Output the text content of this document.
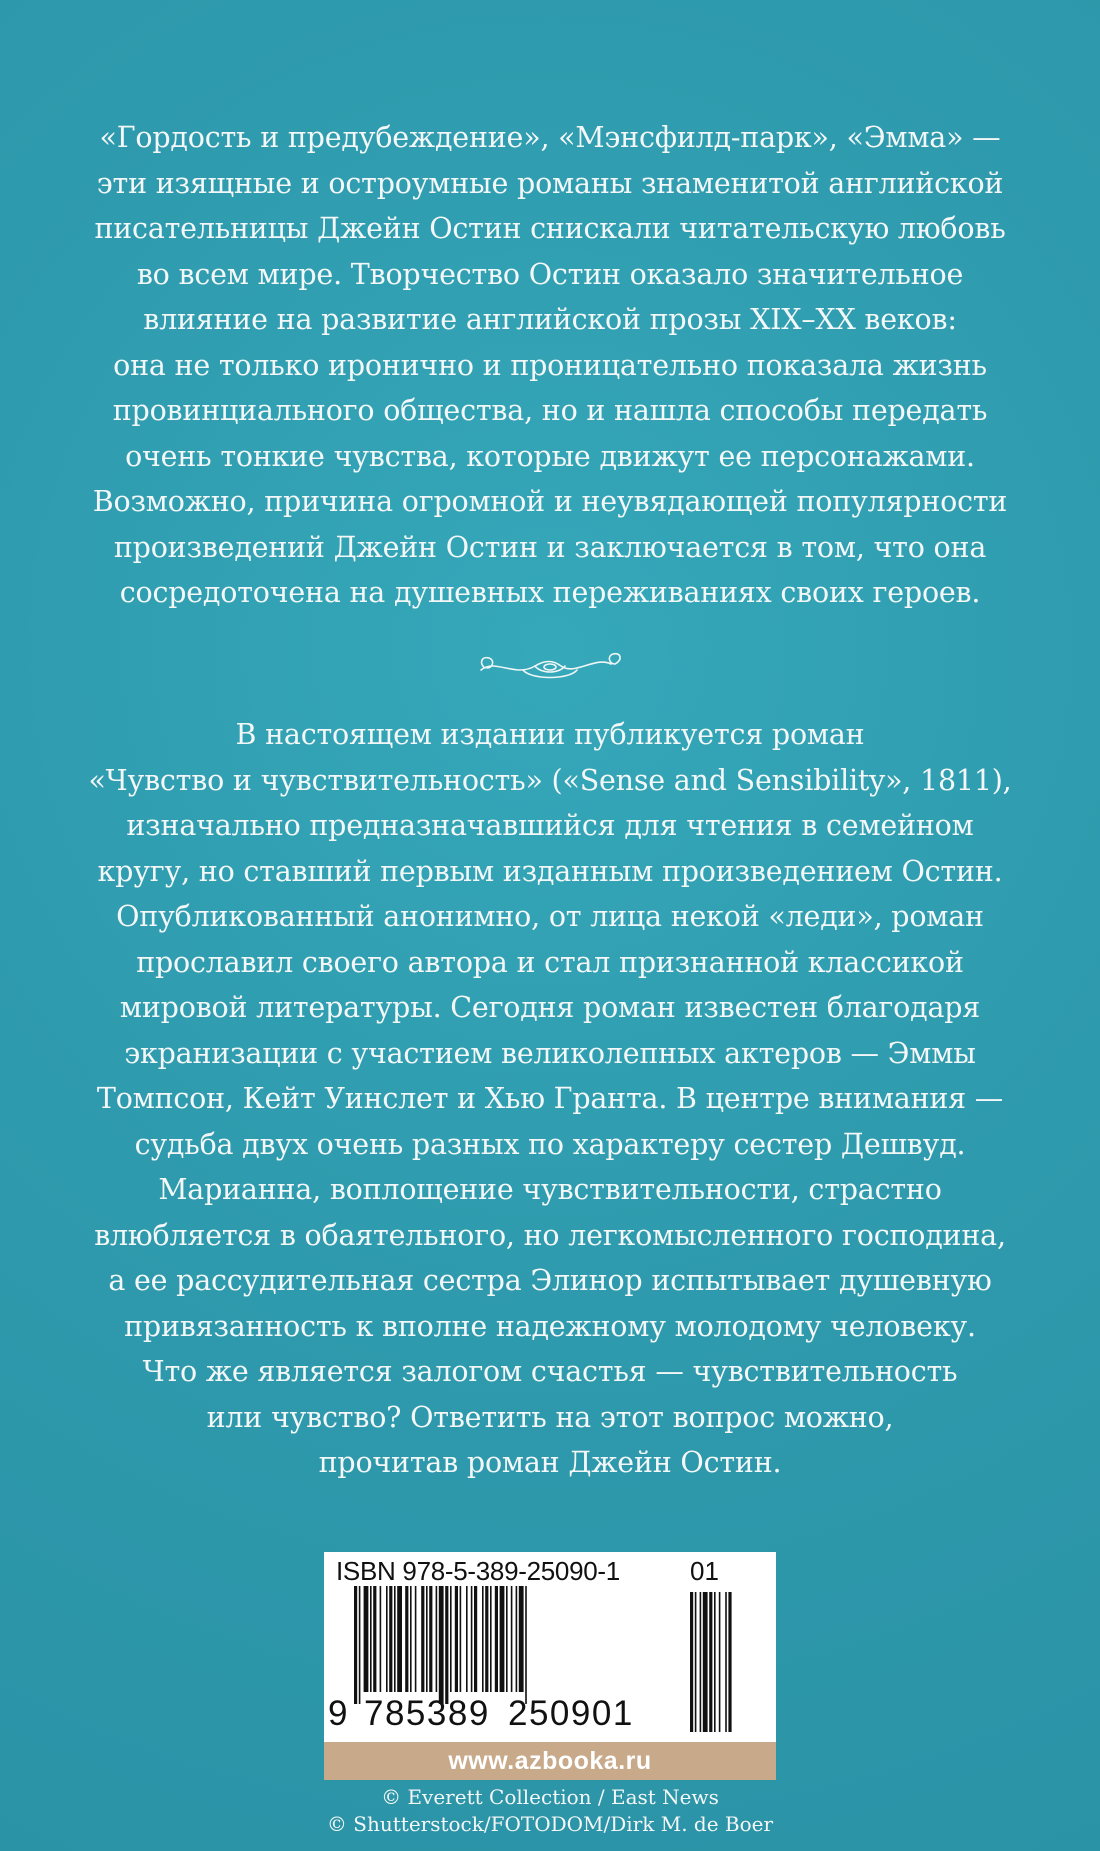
«Гордость и предубеждение», «Мэнсфилд-парк», «Эмма» —
эти изящные и остроумные романы знаменитой английской
писательницы Джейн Остин снискали читательскую любовь
во всем мире. Творчество Остин оказало значительное
влияние на развитие английской прозы XIX–XX веков:
она не только иронично и проницательно показала жизнь
провинциального общества, но и нашла способы передать
очень тонкие чувства, которые движут ее персонажами.
Возможно, причина огромной и неувядающей популярности
произведений Джейн Остин и заключается в том, что она
сосредоточена на душевных переживаниях своих героев.
В настоящем издании публикуется роман
«Чувство и чувствительность» («Sense and Sensibility», 1811),
изначально предназначавшийся для чтения в семейном
кругу, но ставший первым изданным произведением Остин.
Опубликованный анонимно, от лица некой «леди», роман
прославил своего автора и стал признанной классикой
мировой литературы. Сегодня роман известен благодаря
экранизации с участием великолепных актеров — Эммы
Томпсон, Кейт Уинслет и Хью Гранта. В центре внимания —
судьба двух очень разных по характеру сестер Дешвуд.
Марианна, воплощение чувствительности, страстно
влюбляется в обаятельного, но легкомысленного господина,
а ее рассудительная сестра Элинор испытывает душевную
привязанность к вполне надежному молодому человеку.
Что же является залогом счастья — чувствительность
или чувство? Ответить на этот вопрос можно,
прочитав роман Джейн Остин.
ISBN 978-5-389-25090-1	01
9 785389 250901
www.azbooka.ru
© Everett Collection / East News
© Shutterstock/FOTODOM/Dirk M. de Boer
